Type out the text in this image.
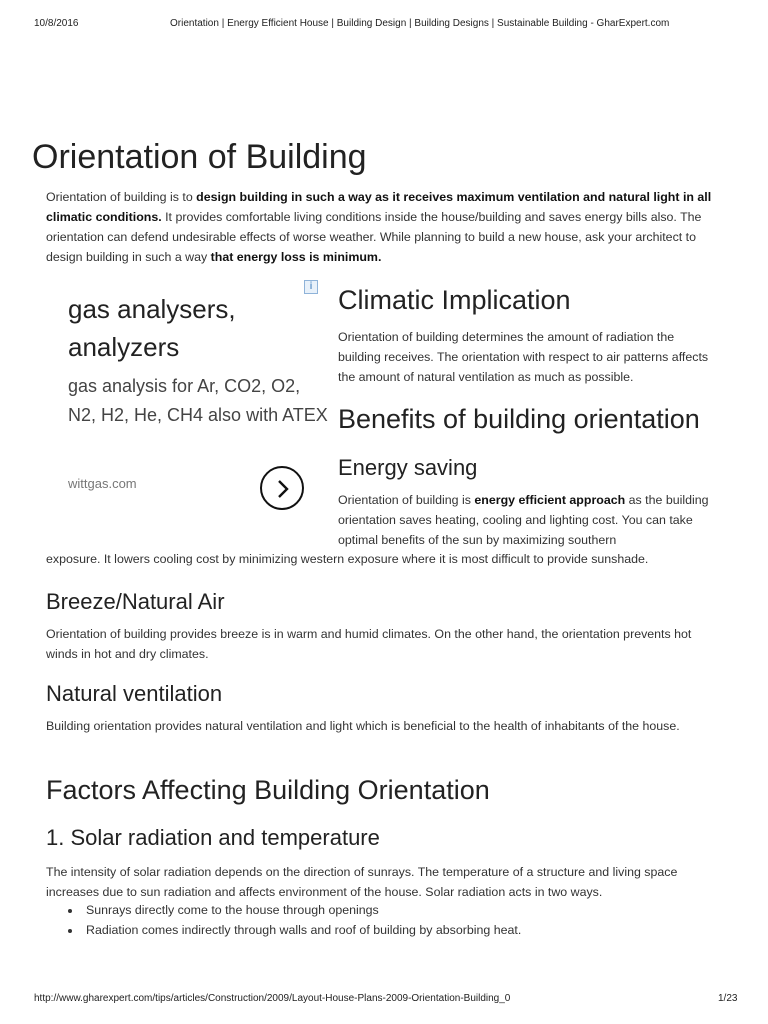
10/8/2016	Orientation | Energy Efficient House | Building Design | Building Designs | Sustainable Building - GharExpert.com
Orientation of Building

Orientation of building is to design building in such a way as it receives maximum ventilation and natural light in all climatic conditions. It provides comfortable living conditions inside the house/building and saves energy bills also. The orientation can defend undesirable effects of worse weather. While planning to build a new house, ask your architect to design building in such a way that energy loss is minimum.

gas analysers, analyzers
gas analysis for Ar, CO2, O2, N2, H2, He, CH4 also with ATEX
wittgas.com
i Climatic Implication

Orientation of building determines the amount of radiation the building receives. The orientation with respect to air patterns affects the amount of natural ventilation as much as possible.

Benefits of building orientation
Energy saving

Orientation of building is energy efficient approach as the building orientation saves heating, cooling and lighting cost. You can take optimal benefits of the sun by maximizing southern

exposure. It lowers cooling cost by minimizing western exposure where it is most difficult to provide sunshade.

Breeze/Natural Air

Orientation of building provides breeze is in warm and humid climates. On the other hand, the orientation prevents hot winds in hot and dry climates.

Natural ventilation

Building orientation provides natural ventilation and light which is beneficial to the health of inhabitants of the house.

Factors Affecting Building Orientation
1. Solar radiation and temperature

The intensity of solar radiation depends on the direction of sunrays. The temperature of a structure and living space increases due to sun radiation and affects environment of the house. Solar radiation acts in two ways.

• Sunrays directly come to the house through openings
• Radiation comes indirectly through walls and roof of building by absorbing heat.
http://www.gharexpert.com/tips/articles/Construction/2009/Layout-House-Plans-2009-Orientation-Building_0	1/23
